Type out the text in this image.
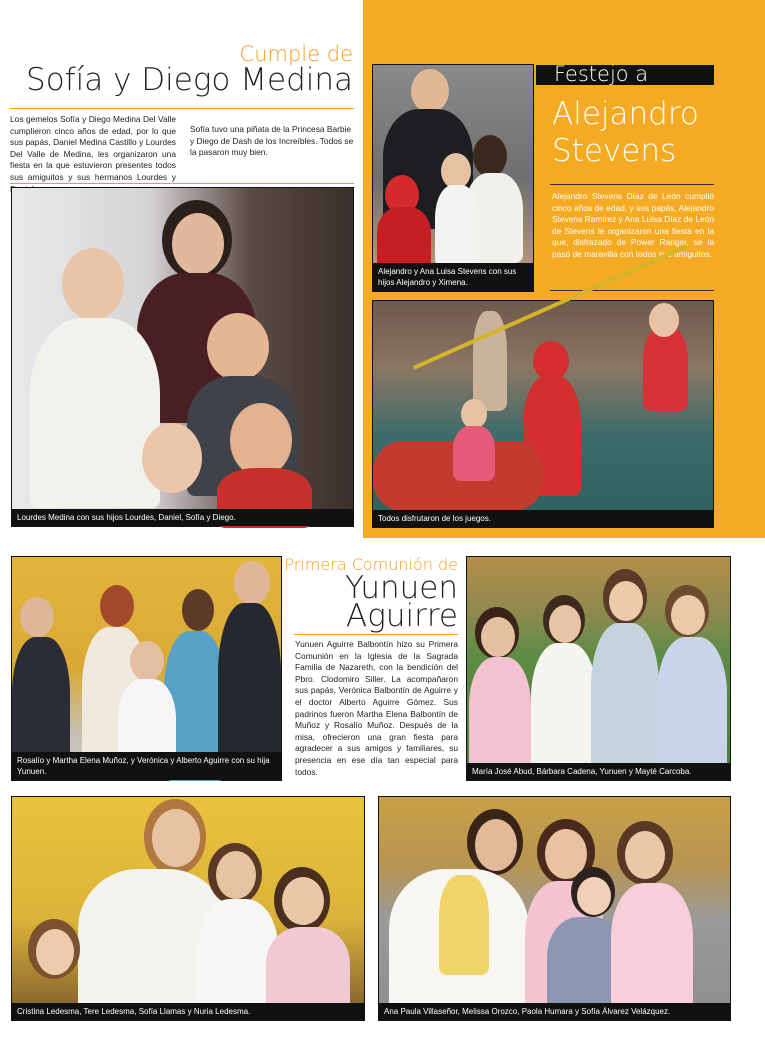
Cumple de
Sofía y Diego Medina
Los gemelos Sofía y Diego Medina Del Valle cumplieron cinco años de edad, por lo que sus papás, Daniel Medina Castillo y Lourdes Del Valle de Medina, les organizaron una fiesta en la que estuvieron presentes todos sus amiguitos y sus hermanos Lourdes y
Sofía tuvo una piñata de la Princesa Barbie y Diego de Dash de los Increíbles. Todos se la pasaron muy bien.
Lourdes Medina con sus hijos Lourdes, Daniel, Sofía y Diego.
Alejandro y Ana Luisa Stevens con sus hijos Alejandro y Ximena.
Festejo a
Alejandro
Stevens
Alejandro Stevens Díaz de León cumplió cinco años de edad, y sus papás, Alejandro Stevens Ramírez y Ana Luisa Díaz de León de Stevens le organizaron una fiesta en la que, disfrazado de Power Ranger, se la pasó de maravilla con todos sus amiguitos.
Todos disfrutaron de los juegos.
Rosalío y Martha Elena Muñoz, y Verónica y Alberto Aguirre con su hija Yunuen.
Primera Comunión de
Yunuen
Aguirre
Yunuen Aguirre Balbontín hizo su Primera Comunión en la Iglesia de la Sagrada Familia de Nazareth, con la bendición del Pbro. Clodomiro Siller. La acompañaron sus papás, Verónica Balbontín de Aguirre y el doctor Alberto Aguirre Gómez. Sus padrinos fueron Martha Elena Balbontín de Muñoz y Rosalío Muñoz. Después de la misa, ofrecieron una gran fiesta para agradecer a sus amigos y familiares, su presencia en ese día tan especial para todos.	María José Abud, Bárbara Cadena, Yunuen y Mayté Carcoba.
Cristina Ledesma, Tere Ledesma, Sofía Llamas y Nuria Ledesma.	Ana Paula Villaseñor, Melissa Orozco, Paola Humara y Sofía Álvarez Velázquez.
